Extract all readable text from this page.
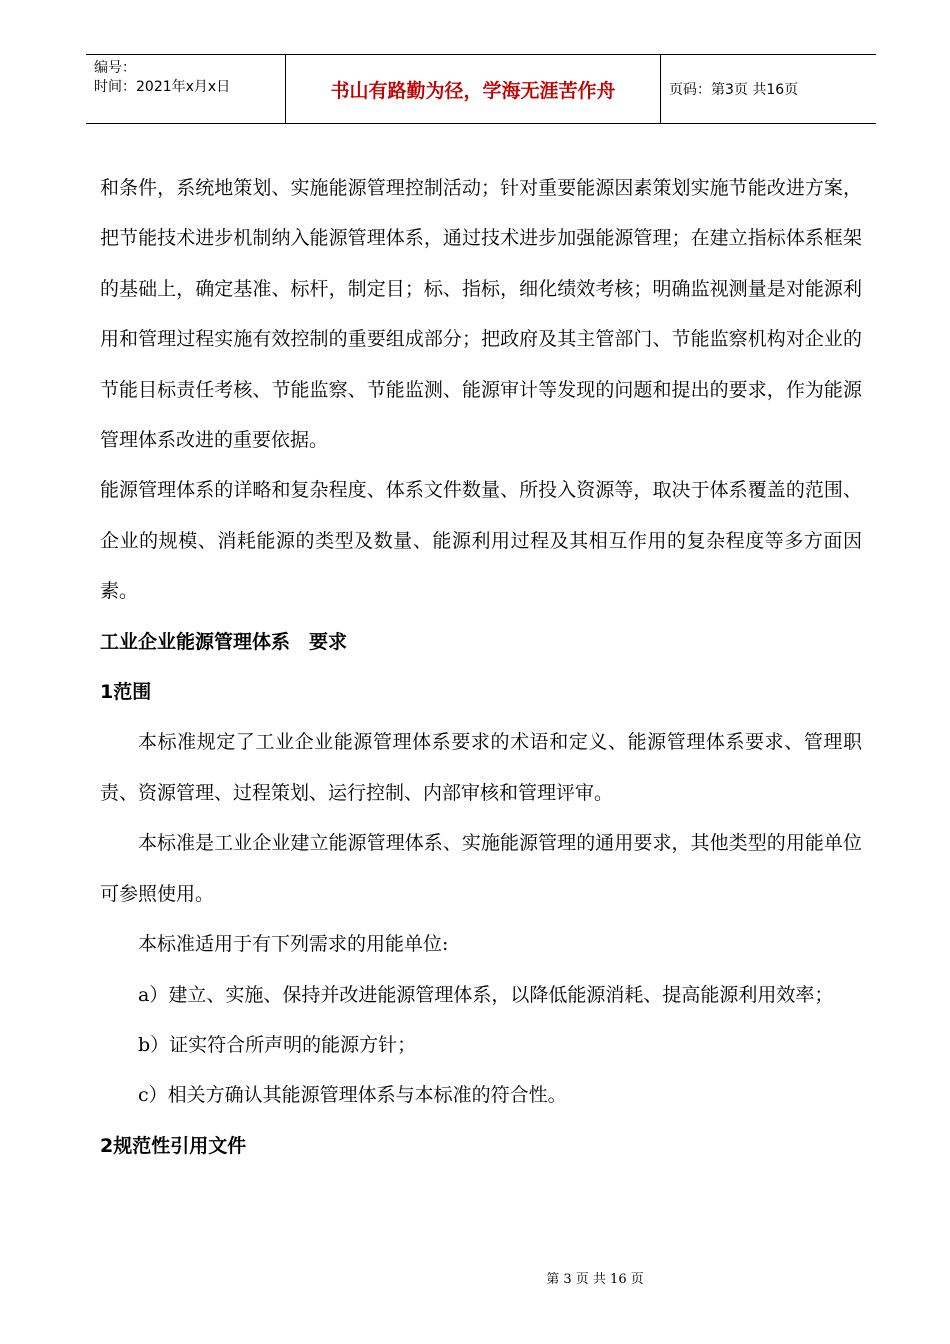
编号：
时间：2021年x月x日	书山有路勤为径，学海无涯苦作舟	页码：第3页 共16页

和条件，系统地策划、实施能源管理控制活动；针对重要能源因素策划实施节能改进方案，把节能技术进步机制纳入能源管理体系，通过技术进步加强能源管理；在建立指标体系框架的基础上，确定基准、标杆，制定目；标、指标，细化绩效考核；明确监视测量是对能源利用和管理过程实施有效控制的重要组成部分；把政府及其主管部门、节能监察机构对企业的节能目标责任考核、节能监察、节能监测、能源审计等发现的问题和提出的要求，作为能源管理体系改进的重要依据。

能源管理体系的详略和复杂程度、体系文件数量、所投入资源等，取决于体系覆盖的范围、企业的规模、消耗能源的类型及数量、能源利用过程及其相互作用的复杂程度等多方面因素。

工业企业能源管理体系　要求
1范围

本标准规定了工业企业能源管理体系要求的术语和定义、能源管理体系要求、管理职责、资源管理、过程策划、运行控制、内部审核和管理评审。

本标准是工业企业建立能源管理体系、实施能源管理的通用要求，其他类型的用能单位可参照使用。

本标准适用于有下列需求的用能单位:

a）建立、实施、保持并改进能源管理体系，以降低能源消耗、提高能源利用效率；

b）证实符合所声明的能源方针；

c）相关方确认其能源管理体系与本标准的符合性。

2规范性引用文件
第 3 页 共 16 页
